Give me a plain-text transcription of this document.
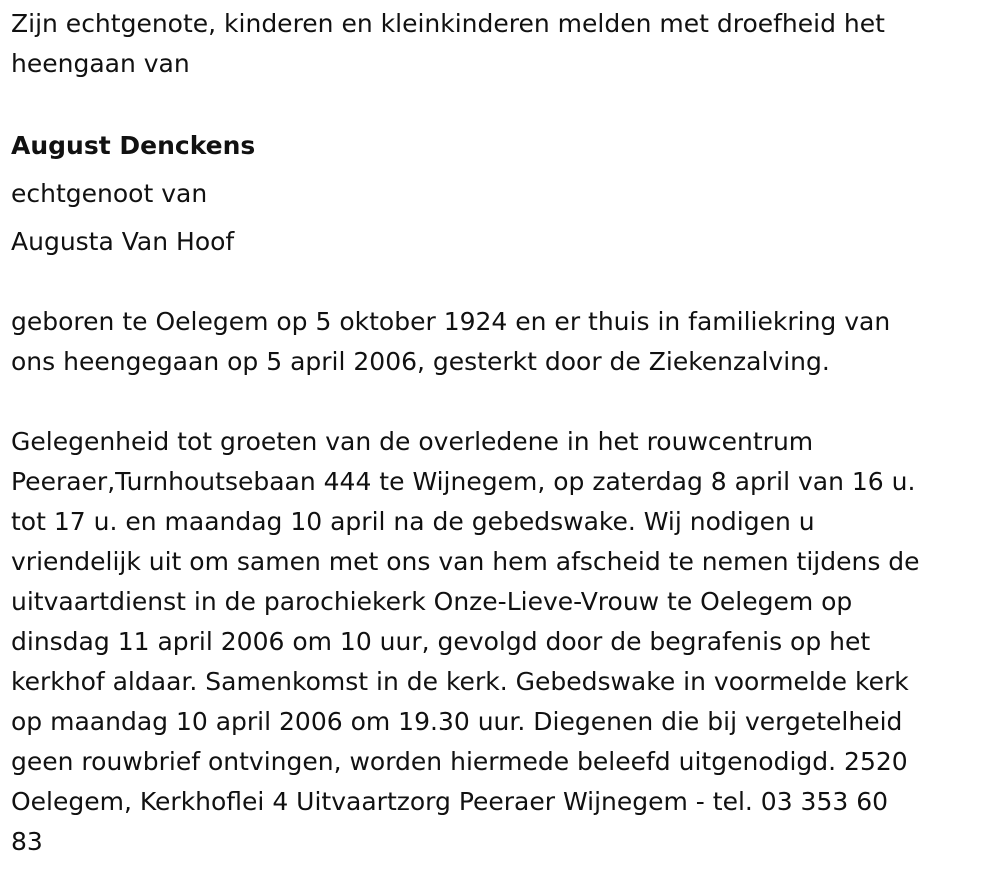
Zijn echtgenote, kinderen en kleinkinderen melden met droefheid het
heengaan van
August Denckens
echtgenoot van
Augusta Van Hoof
geboren te Oelegem op 5 oktober 1924 en er thuis in familiekring van
ons heengegaan op 5 april 2006, gesterkt door de Ziekenzalving.
Gelegenheid tot groeten van de overledene in het rouwcentrum
Peeraer,Turnhoutsebaan 444 te Wijnegem, op zaterdag 8 april van 16 u.
tot 17 u. en maandag 10 april na de gebedswake. Wij nodigen u
vriendelijk uit om samen met ons van hem afscheid te nemen tijdens de
uitvaartdienst in de parochiekerk Onze-Lieve-Vrouw te Oelegem op
dinsdag 11 april 2006 om 10 uur, gevolgd door de begrafenis op het
kerkhof aldaar. Samenkomst in de kerk. Gebedswake in voormelde kerk
op maandag 10 april 2006 om 19.30 uur. Diegenen die bij vergetelheid
geen rouwbrief ontvingen, worden hiermede beleefd uitgenodigd. 2520
Oelegem, Kerkhoflei 4 Uitvaartzorg Peeraer Wijnegem - tel. 03 353 60
83
